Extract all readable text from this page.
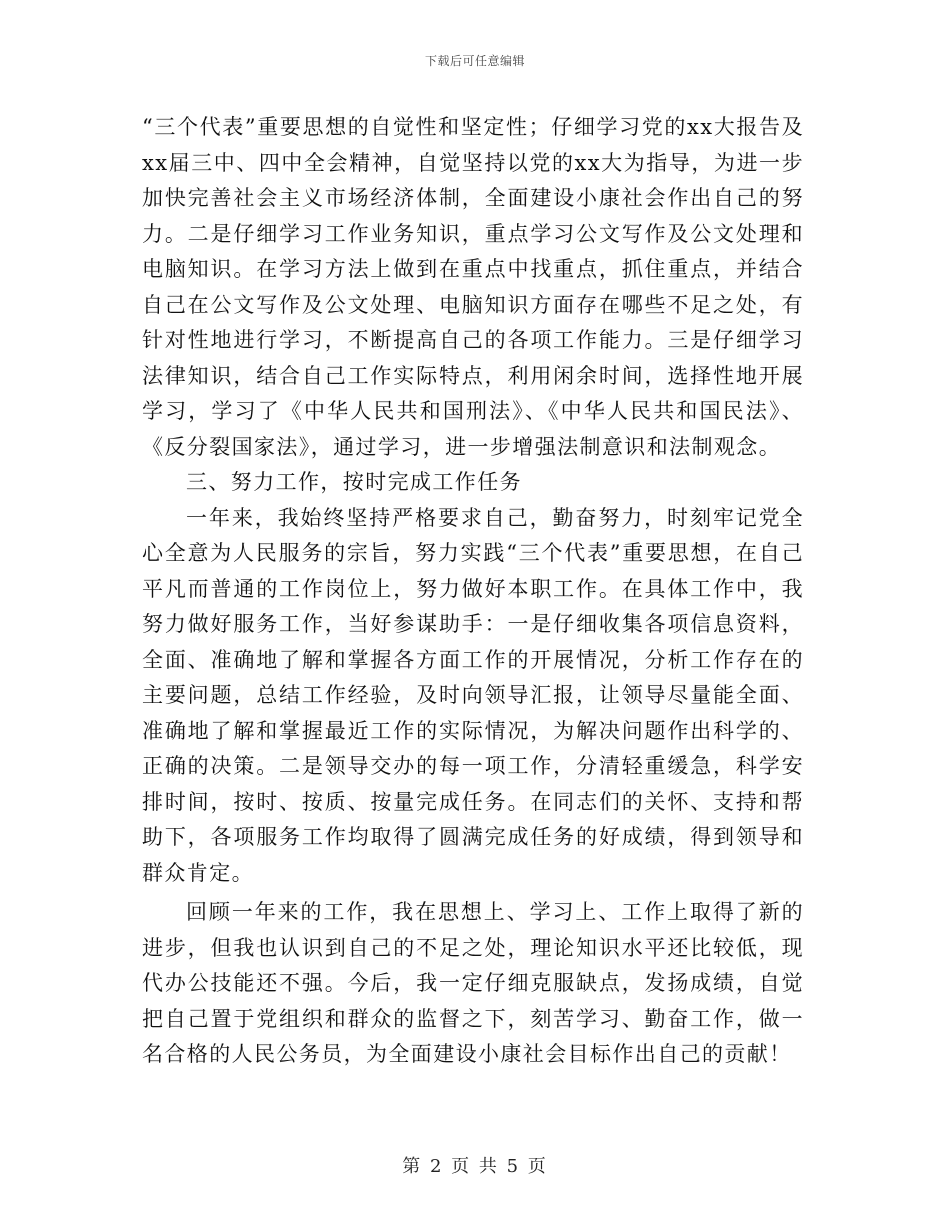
下载后可任意编辑

“三个代表”重要思想的自觉性和坚定性；仔细学习党的xx大报告及xx届三中、四中全会精神，自觉坚持以党的xx大为指导，为进一步加快完善社会主义市场经济体制，全面建设小康社会作出自己的努力。二是仔细学习工作业务知识，重点学习公文写作及公文处理和电脑知识。在学习方法上做到在重点中找重点，抓住重点，并结合自己在公文写作及公文处理、电脑知识方面存在哪些不足之处，有针对性地进行学习，不断提高自己的各项工作能力。三是仔细学习法律知识，结合自己工作实际特点，利用闲余时间，选择性地开展学习，学习了《中华人民共和国刑法》、《中华人民共和国民法》、《反分裂国家法》，通过学习，进一步增强法制意识和法制观念。

三、努力工作，按时完成工作任务

一年来，我始终坚持严格要求自己，勤奋努力，时刻牢记党全心全意为人民服务的宗旨，努力实践“三个代表”重要思想，在自己平凡而普通的工作岗位上，努力做好本职工作。在具体工作中，我努力做好服务工作，当好参谋助手：一是仔细收集各项信息资料，全面、准确地了解和掌握各方面工作的开展情况，分析工作存在的主要问题，总结工作经验，及时向领导汇报，让领导尽量能全面、准确地了解和掌握最近工作的实际情况，为解决问题作出科学的、正确的决策。二是领导交办的每一项工作，分清轻重缓急，科学安排时间，按时、按质、按量完成任务。在同志们的关怀、支持和帮助下，各项服务工作均取得了圆满完成任务的好成绩，得到领导和群众肯定。

回顾一年来的工作，我在思想上、学习上、工作上取得了新的进步，但我也认识到自己的不足之处，理论知识水平还比较低，现代办公技能还不强。今后，我一定仔细克服缺点，发扬成绩，自觉把自己置于党组织和群众的监督之下，刻苦学习、勤奋工作，做一名合格的人民公务员，为全面建设小康社会目标作出自己的贡献！

第 2 页 共 5 页
